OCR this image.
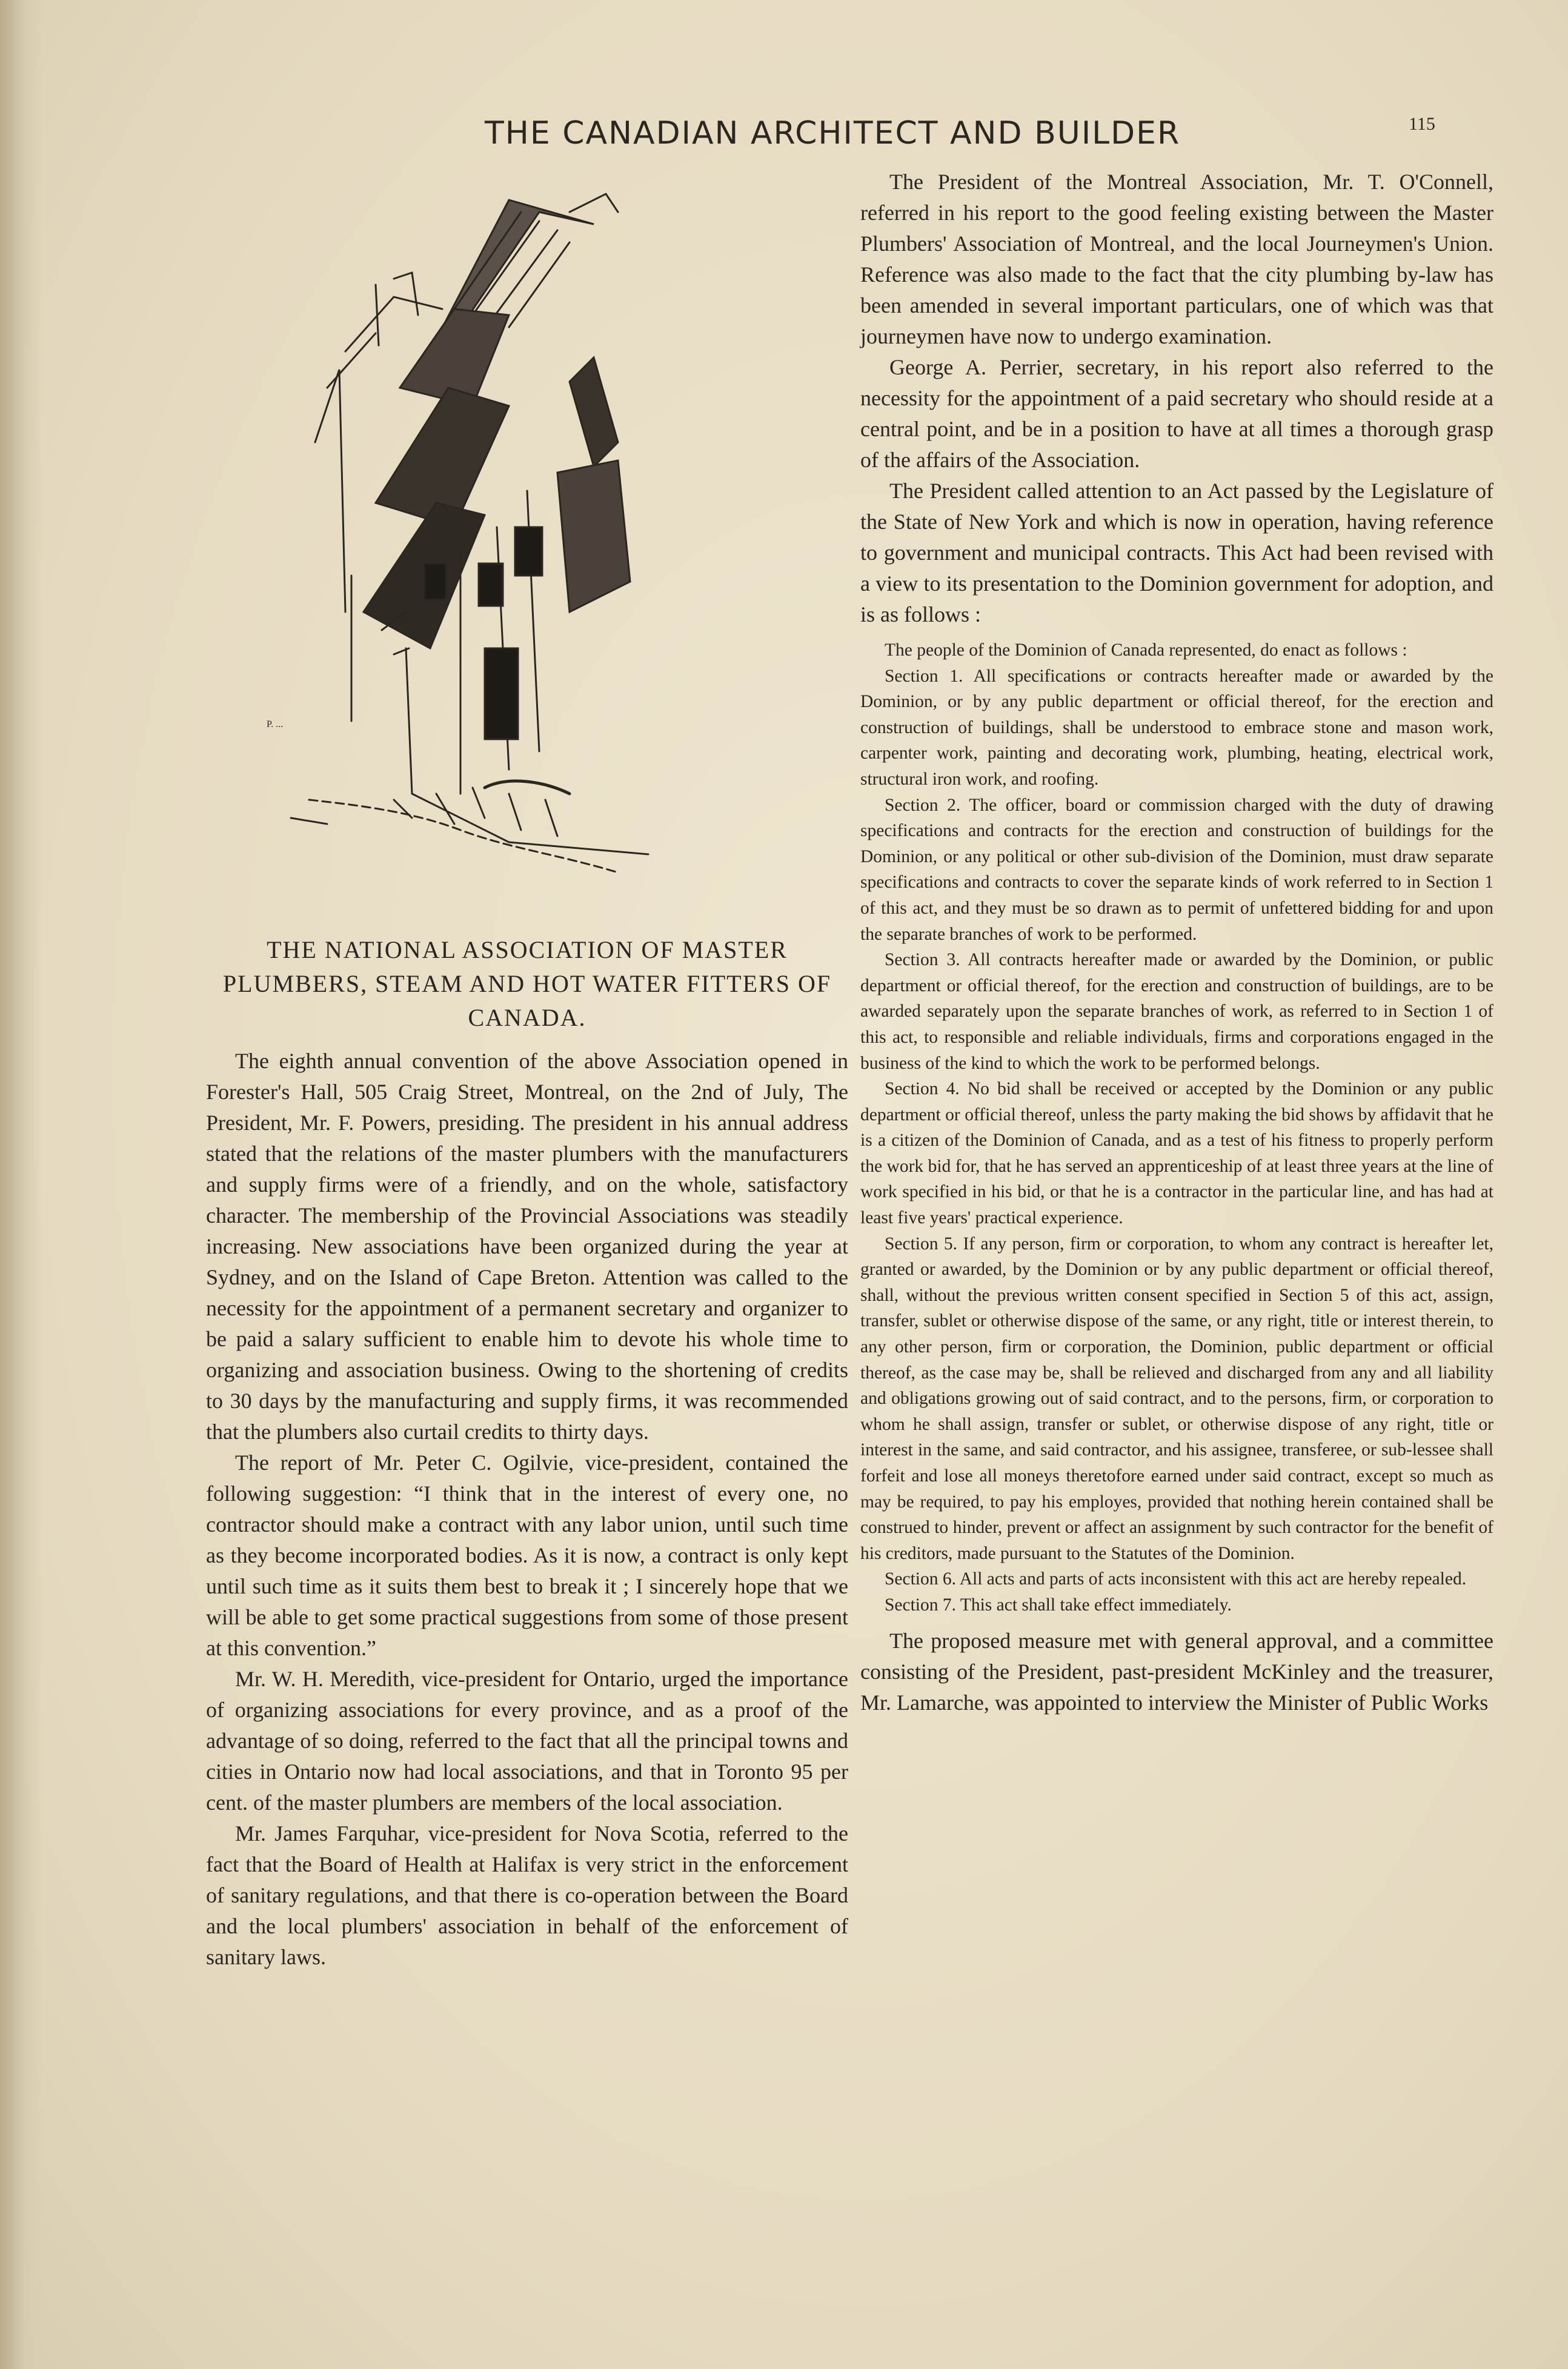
THE CANADIAN ARCHITECT AND BUILDER	115
P. ...
THE NATIONAL ASSOCIATION OF MASTER PLUMBERS, STEAM AND HOT WATER FITTERS OF CANADA.

The eighth annual convention of the above Association opened in Forester's Hall, 505 Craig Street, Montreal, on the 2nd of July, The President, Mr. F. Powers, presiding. The president in his annual address stated that the relations of the master plumbers with the manufacturers and supply firms were of a friendly, and on the whole, satisfactory character. The membership of the Provincial Associations was steadily increasing. New associations have been organized during the year at Sydney, and on the Island of Cape Breton. Attention was called to the necessity for the appointment of a permanent secretary and organizer to be paid a salary sufficient to enable him to devote his whole time to organizing and association business. Owing to the shortening of credits to 30 days by the manufacturing and supply firms, it was recommended that the plumbers also curtail credits to thirty days.

The report of Mr. Peter C. Ogilvie, vice-president, contained the following suggestion: “I think that in the interest of every one, no contractor should make a contract with any labor union, until such time as they become incorporated bodies. As it is now, a contract is only kept until such time as it suits them best to break it ; I sincerely hope that we will be able to get some practical suggestions from some of those present at this convention.”

Mr. W. H. Meredith, vice-president for Ontario, urged the importance of organizing associations for every province, and as a proof of the advantage of so doing, referred to the fact that all the principal towns and cities in Ontario now had local associations, and that in Toronto 95 per cent. of the master plumbers are members of the local association.

Mr. James Farquhar, vice-president for Nova Scotia, referred to the fact that the Board of Health at Halifax is very strict in the enforcement of sanitary regulations, and that there is co-operation between the Board and the local plumbers' association in behalf of the enforcement of sanitary laws.

The President of the Montreal Association, Mr. T. O'Connell, referred in his report to the good feeling existing between the Master Plumbers' Association of Montreal, and the local Journeymen's Union. Reference was also made to the fact that the city plumbing by-law has been amended in several important particulars, one of which was that journeymen have now to undergo examination.

George A. Perrier, secretary, in his report also referred to the necessity for the appointment of a paid secretary who should reside at a central point, and be in a position to have at all times a thorough grasp of the affairs of the Association.

The President called attention to an Act passed by the Legislature of the State of New York and which is now in operation, having reference to government and municipal contracts. This Act had been revised with a view to its presentation to the Dominion government for adoption, and is as follows :

The people of the Dominion of Canada represented, do enact as follows :

Section 1. All specifications or contracts hereafter made or awarded by the Dominion, or by any public department or official thereof, for the erection and construction of buildings, shall be understood to embrace stone and mason work, carpenter work, painting and decorating work, plumbing, heating, electrical work, structural iron work, and roofing.

Section 2. The officer, board or commission charged with the duty of drawing specifications and contracts for the erection and construction of buildings for the Dominion, or any political or other sub-division of the Dominion, must draw separate specifications and contracts to cover the separate kinds of work referred to in Section 1 of this act, and they must be so drawn as to permit of unfettered bidding for and upon the separate branches of work to be performed.

Section 3. All contracts hereafter made or awarded by the Dominion, or public department or official thereof, for the erection and construction of buildings, are to be awarded separately upon the separate branches of work, as referred to in Section 1 of this act, to responsible and reliable individuals, firms and corporations engaged in the business of the kind to which the work to be performed belongs.

Section 4. No bid shall be received or accepted by the Dominion or any public department or official thereof, unless the party making the bid shows by affidavit that he is a citizen of the Dominion of Canada, and as a test of his fitness to properly perform the work bid for, that he has served an apprenticeship of at least three years at the line of work specified in his bid, or that he is a contractor in the particular line, and has had at least five years' practical experience.

Section 5. If any person, firm or corporation, to whom any contract is hereafter let, granted or awarded, by the Dominion or by any public department or official thereof, shall, without the previous written consent specified in Section 5 of this act, assign, transfer, sublet or otherwise dispose of the same, or any right, title or interest therein, to any other person, firm or corporation, the Dominion, public department or official thereof, as the case may be, shall be relieved and discharged from any and all liability and obligations growing out of said contract, and to the persons, firm, or corporation to whom he shall assign, transfer or sublet, or otherwise dispose of any right, title or interest in the same, and said contractor, and his assignee, transferee, or sub-lessee shall forfeit and lose all moneys theretofore earned under said contract, except so much as may be required, to pay his employes, provided that nothing herein contained shall be construed to hinder, prevent or affect an assignment by such contractor for the benefit of his creditors, made pursuant to the Statutes of the Dominion.

Section 6. All acts and parts of acts inconsistent with this act are hereby repealed.

Section 7. This act shall take effect immediately.

The proposed measure met with general approval, and a committee consisting of the President, past-president McKinley and the treasurer, Mr. Lamarche, was appointed to interview the Minister of Public Works
